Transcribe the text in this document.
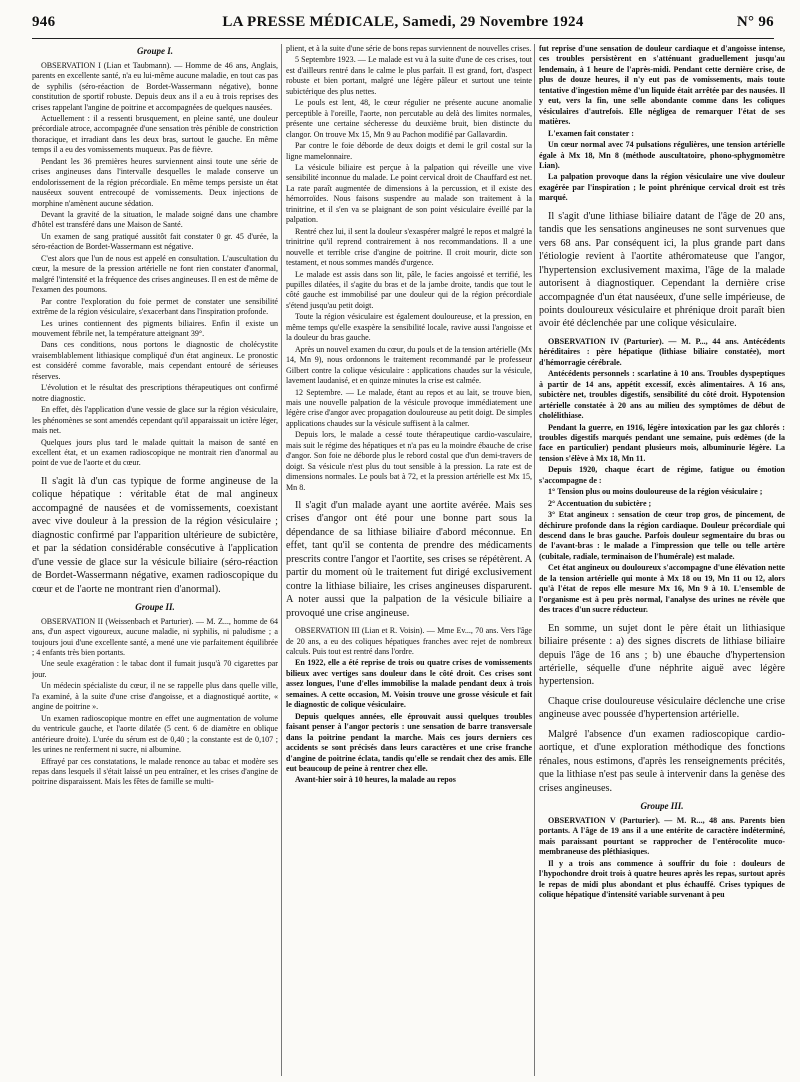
946	LA PRESSE MÉDICALE, Samedi, 29 Novembre 1924	N° 96
Groupe I.

OBSERVATION I (Lian et Taubmann). — Homme de 46 ans, Anglais, parents en excellente santé, n'a eu lui-même aucune maladie, en tout cas pas de syphilis (séro-réaction de Bordet-Wassermann négative), bonne constitution de sportif robuste. Depuis deux ans il a eu à trois reprises des crises rappelant l'angine de poitrine et accompagnées de quelques nausées.

Actuellement : il a ressenti brusquement, en pleine santé, une douleur précordiale atroce, accompagnée d'une sensation très pénible de constriction thoracique, et irradiant dans les deux bras, surtout le gauche. En même temps il a eu des vomissements muqueux. Pas de fièvre.

Pendant les 36 premières heures surviennent ainsi toute une série de crises angineuses dans l'intervalle desquelles le malade conserve un endolorissement de la région précordiale. En même temps persiste un état nauséeux souvent entrecoupé de vomissements. Deux injections de morphine n'amènent aucune sédation.

Devant la gravité de la situation, le malade soigné dans une chambre d'hôtel est transféré dans une Maison de Santé.

Un examen de sang pratiqué aussitôt fait constater 0 gr. 45 d'urée, la séro-réaction de Bordet-Wassermann est négative.

C'est alors que l'un de nous est appelé en consultation. L'auscultation du cœur, la mesure de la pression artérielle ne font rien constater d'anormal, malgré l'intensité et la fréquence des crises angineuses. Il en est de même de l'examen des poumons.

Par contre l'exploration du foie permet de constater une sensibilité extrême de la région vésiculaire, s'exacerbant dans l'inspiration profonde.

Les urines contiennent des pigments biliaires. Enfin il existe un mouvement fébrile net, la température atteignant 39°.

Dans ces conditions, nous portons le diagnostic de cholécystite vraisemblablement lithiasique compliqué d'un état angineux. Le pronostic est considéré comme favorable, mais cependant entouré de sérieuses réserves.

L'évolution et le résultat des prescriptions thérapeutiques ont confirmé notre diagnostic.

En effet, dès l'application d'une vessie de glace sur la région vésiculaire, les phénomènes se sont amendés cependant qu'il apparaissait un ictère léger, mais net.

Quelques jours plus tard le malade quittait la maison de santé en excellent état, et un examen radioscopique ne montrait rien d'anormal au point de vue de l'aorte et du cœur.

Il s'agit là d'un cas typique de forme angineuse de la colique hépatique : véritable état de mal angineux accompagné de nausées et de vomissements, coexistant avec vive douleur à la pression de la région vésiculaire ; diagnostic confirmé par l'apparition ultérieure de subictère, et par la sédation considérable consécutive à l'application d'une vessie de glace sur la vésicule biliaire (séro-réaction de Bordet-Wassermann négative, examen radioscopique du cœur et de l'aorte ne montrant rien d'anormal).

Groupe II.

OBSERVATION II (Weissenbach et Parturier). — M. Z..., homme de 64 ans, d'un aspect vigoureux, aucune maladie, ni syphilis, ni paludisme ; a toujours joui d'une excellente santé, a mené une vie parfaitement équilibrée ; 4 enfants très bien portants.

Une seule exagération : le tabac dont il fumait jusqu'à 70 cigarettes par jour.

Un médecin spécialiste du cœur, il ne se rappelle plus dans quelle ville, l'a examiné, à la suite d'une crise d'angoisse, et a diagnostiqué aortite, « angine de poitrine ».

Un examen radioscopique montre en effet une augmentation de volume du ventricule gauche, et l'aorte dilatée (5 cent. 6 de diamètre en oblique antérieure droite). L'urée du sérum est de 0,40 ; la constante est de 0,107 ; les urines ne renferment ni sucre, ni albumine.

Effrayé par ces constatations, le malade renonce au tabac et modère ses repas dans lesquels il s'était laissé un peu entraîner, et les crises d'angine de poitrine disparaissent. Mais les fêtes de famille se multi-

plient, et à la suite d'une série de bons repas surviennent de nouvelles crises.

5 Septembre 1923. — Le malade est vu à la suite d'une de ces crises, tout est d'ailleurs rentré dans le calme le plus parfait. Il est grand, fort, d'aspect robuste et bien portant, malgré une légère pâleur et surtout une teinte subictérique des plus nettes.

Le pouls est lent, 48, le cœur régulier ne présente aucune anomalie perceptible à l'oreille, l'aorte, non percutable au delà des limites normales, présente une certaine sécheresse du deuxième bruit, bien distincte du clangor. On trouve Mx 15, Mn 9 au Pachon modifié par Gallavardin.

Par contre le foie déborde de deux doigts et demi le gril costal sur la ligne mamelonnaire.

La vésicule biliaire est perçue à la palpation qui réveille une vive sensibilité inconnue du malade. Le point cervical droit de Chauffard est net. La rate paraît augmentée de dimensions à la percussion, et il existe des hémorroïdes. Nous faisons suspendre au malade son traitement à la trinitrine, et il s'en va se plaignant de son point vésiculaire éveillé par la palpation.

Rentré chez lui, il sent la douleur s'exaspérer malgré le repos et malgré la trinitrine qu'il reprend contrairement à nos recommandations. Il a une nouvelle et terrible crise d'angine de poitrine. Il croit mourir, dicte son testament, et nous sommes mandés d'urgence.

Le malade est assis dans son lit, pâle, le facies angoissé et terrifié, les pupilles dilatées, il s'agite du bras et de la jambe droite, tandis que tout le côté gauche est immobilisé par une douleur qui de la région précordiale s'étend jusqu'au petit doigt.

Toute la région vésiculaire est également douloureuse, et la pression, en même temps qu'elle exaspère la sensibilité locale, ravive aussi l'angoisse et la douleur du bras gauche.

Après un nouvel examen du cœur, du pouls et de la tension artérielle (Mx 14, Mn 9), nous ordonnons le traitement recommandé par le professeur Gilbert contre la colique vésiculaire : applications chaudes sur la vésicule, lavement laudanisé, et en quinze minutes la crise est calmée.

12 Septembre. — Le malade, étant au repos et au lait, se trouve bien, mais une nouvelle palpation de la vésicule provoque immédiatement une légère crise d'angor avec propagation douloureuse au petit doigt. De simples applications chaudes sur la vésicule suffisent à la calmer.

Depuis lors, le malade a cessé toute thérapeutique cardio-vasculaire, mais suit le régime des hépatiques et n'a pas eu la moindre ébauche de crise d'angor. Son foie ne déborde plus le rebord costal que d'un demi-travers de doigt. Sa vésicule n'est plus du tout sensible à la pression. La rate est de dimensions normales. Le pouls bat à 72, et la pression artérielle est Mx 15, Mn 8.

Il s'agit d'un malade ayant une aortite avérée. Mais ses crises d'angor ont été pour une bonne part sous la dépendance de sa lithiase biliaire d'abord méconnue. En effet, tant qu'il se contenta de prendre des médicaments prescrits contre l'angor et l'aortite, ses crises se répétèrent. A partir du moment où le traitement fut dirigé exclusivement contre la lithiase biliaire, les crises angineuses disparurent. A noter aussi que la palpation de la vésicule biliaire a provoqué une crise angineuse.

OBSERVATION III (Lian et R. Voisin). — Mme Ev..., 70 ans. Vers l'âge de 20 ans, a eu des coliques hépatiques franches avec rejet de nombreux calculs. Puis tout est rentré dans l'ordre.

En 1922, elle a été reprise de trois ou quatre crises de vomissements bilieux avec vertiges sans douleur dans le côté droit. Ces crises sont assez longues, l'une d'elles immobilise la malade pendant deux à trois semaines. A cette occasion, M. Voisin trouve une grosse vésicule et fait le diagnostic de colique vésiculaire.

Depuis quelques années, elle éprouvait aussi quelques troubles faisant penser à l'angor pectoris : une sensation de barre transversale dans la poitrine pendant la marche. Mais ces jours derniers ces accidents se sont précisés dans leurs caractères et une crise franche d'angine de poitrine éclata, tandis qu'elle se rendait chez des amis. Elle eut beaucoup de peine à rentrer chez elle.

Avant-hier soir à 10 heures, la malade au repos

fut reprise d'une sensation de douleur cardiaque et d'angoisse intense, ces troubles persistèrent en s'atténuant graduellement jusqu'au lendemain, à 1 heure de l'après-midi. Pendant cette dernière crise, de plus de douze heures, il n'y eut pas de vomissements, mais toute tentative d'ingestion même d'un liquide était arrêtée par des nausées. Il y eut, vers la fin, une selle abondante comme dans les coliques vésiculaires d'autrefois. Elle négligea de remarquer l'état de ses matières.

L'examen fait constater :

Un cœur normal avec 74 pulsations régulières, une tension artérielle égale à Mx 18, Mn 8 (méthode auscultatoire, phono-sphygmomètre Lian).

La palpation provoque dans la région vésiculaire une vive douleur exagérée par l'inspiration ; le point phrénique cervical droit est très marqué.

Il s'agit d'une lithiase biliaire datant de l'âge de 20 ans, tandis que les sensations angineuses ne sont survenues que vers 68 ans. Par conséquent ici, la plus grande part dans l'étiologie revient à l'aortite athéromateuse que l'angor, l'hypertension exclusivement maxima, l'âge de la malade autorisent à diagnostiquer. Cependant la dernière crise accompagnée d'un état nauséeux, d'une selle impérieuse, de points douloureux vésiculaire et phrénique droit paraît bien avoir été déclenchée par une colique vésiculaire.

OBSERVATION IV (Parturier). — M. P..., 44 ans. Antécédents héréditaires : père hépatique (lithiase biliaire constatée), mort d'hémorragie cérébrale.

Antécédents personnels : scarlatine à 10 ans. Troubles dyspeptiques à partir de 14 ans, appétit excessif, excès alimentaires. A 16 ans, subictère net, troubles digestifs, sensibilité du côté droit. Hypotension artérielle constatée à 20 ans au milieu des symptômes de début de cholélithiase.

Pendant la guerre, en 1916, légère intoxication par les gaz chlorés : troubles digestifs marqués pendant une semaine, puis œdèmes (de la face en particulier) pendant plusieurs mois, albuminurie légère. La tension s'élève à Mx 18, Mn 11.

Depuis 1920, chaque écart de régime, fatigue ou émotion s'accompagne de :

1° Tension plus ou moins douloureuse de la région vésiculaire ;

2° Accentuation du subictère ;

3° Etat angineux : sensation de cœur trop gros, de pincement, de déchirure profonde dans la région cardiaque. Douleur précordiale qui descend dans le bras gauche. Parfois douleur segmentaire du bras ou de l'avant-bras : le malade a l'impression que telle ou telle artère (cubitale, radiale, terminaison de l'humérale) est malade.

Cet état angineux ou douloureux s'accompagne d'une élévation nette de la tension artérielle qui monte à Mx 18 ou 19, Mn 11 ou 12, alors qu'à l'état de repos elle mesure Mx 16, Mn 9 à 10. L'ensemble de l'organisme est à peu près normal, l'analyse des urines ne révèle que des traces d'un sucre réducteur.

En somme, un sujet dont le père était un lithiasique biliaire présente : a) des signes discrets de lithiase biliaire depuis l'âge de 16 ans ; b) une ébauche d'hypertension artérielle, séquelle d'une néphrite aiguë avec légère hypertension.

Chaque crise douloureuse vésiculaire déclenche une crise angineuse avec poussée d'hypertension artérielle.

Malgré l'absence d'un examen radioscopique cardio-aortique, et d'une exploration méthodique des fonctions rénales, nous estimons, d'après les renseignements précités, que la lithiase n'est pas seule à intervenir dans la genèse des crises angineuses.

Groupe III.

OBSERVATION V (Parturier). — M. R..., 48 ans. Parents bien portants. A l'âge de 19 ans il a une entérite de caractère indéterminé, mais paraissant pourtant se rapprocher de l'entérocolite muco-membraneuse des pléthiasiques.

Il y a trois ans commence à souffrir du foie : douleurs de l'hypochondre droit trois à quatre heures après les repas, surtout après le repas de midi plus abondant et plus échauffé. Crises typiques de colique hépatique d'intensité variable survenant à peu
